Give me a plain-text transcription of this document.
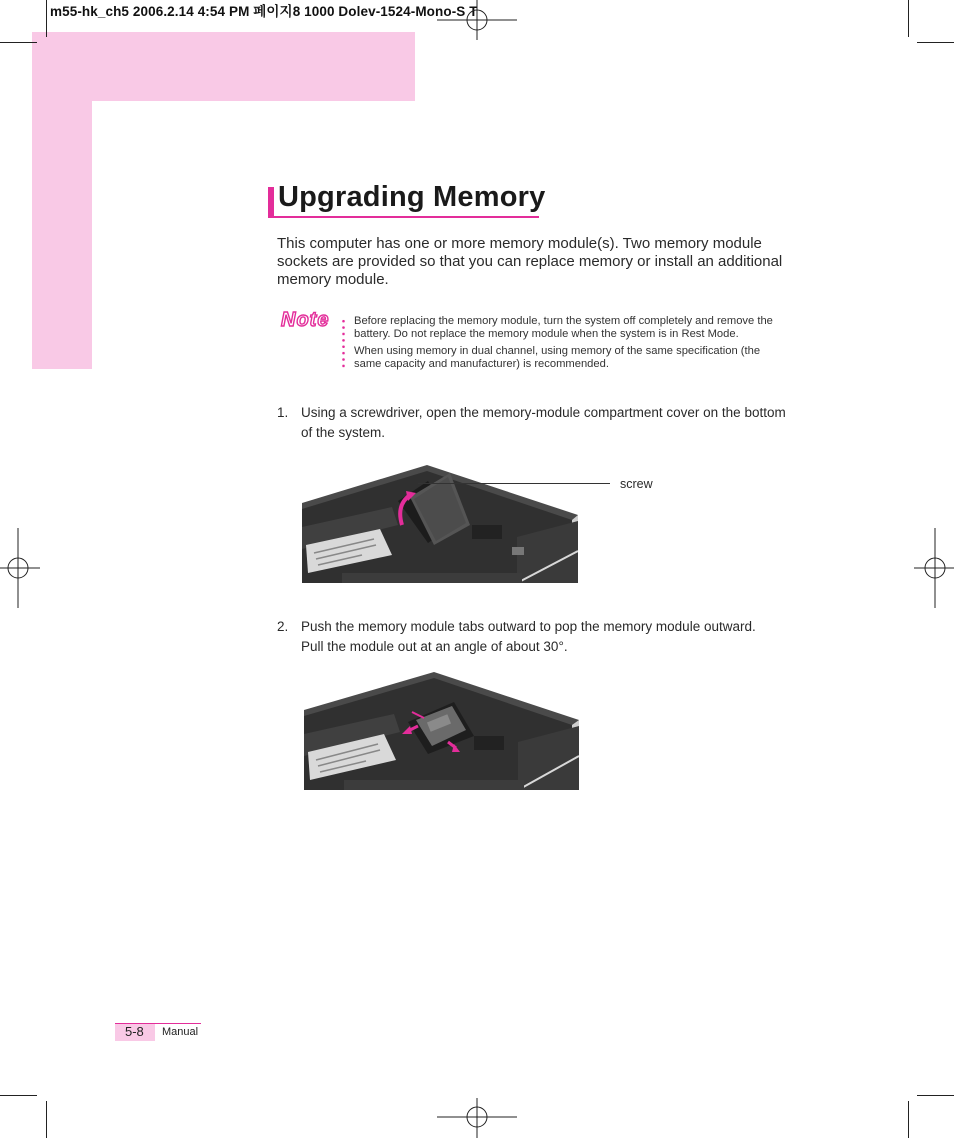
m55-hk_ch5 2006.2.14 4:54 PM 페이지8 1000 Dolev-1524-Mono-S T
Upgrading Memory
This computer has one or more memory module(s). Two memory module sockets are provided so that you can replace memory or install an additional memory module.
Note Before replacing the memory module, turn the system off completely and remove the battery. Do not replace the memory module when the system is in Rest Mode.
When using memory in dual channel, using memory of the same specification (the same capacity and manufacturer) is recommended.
1. Using a screwdriver, open the memory-module compartment cover on the bottom
of the system.
screw
2. Push the memory module tabs outward to pop the memory module outward.
Pull the module out at an angle of about 30°.
5-8 Manual
